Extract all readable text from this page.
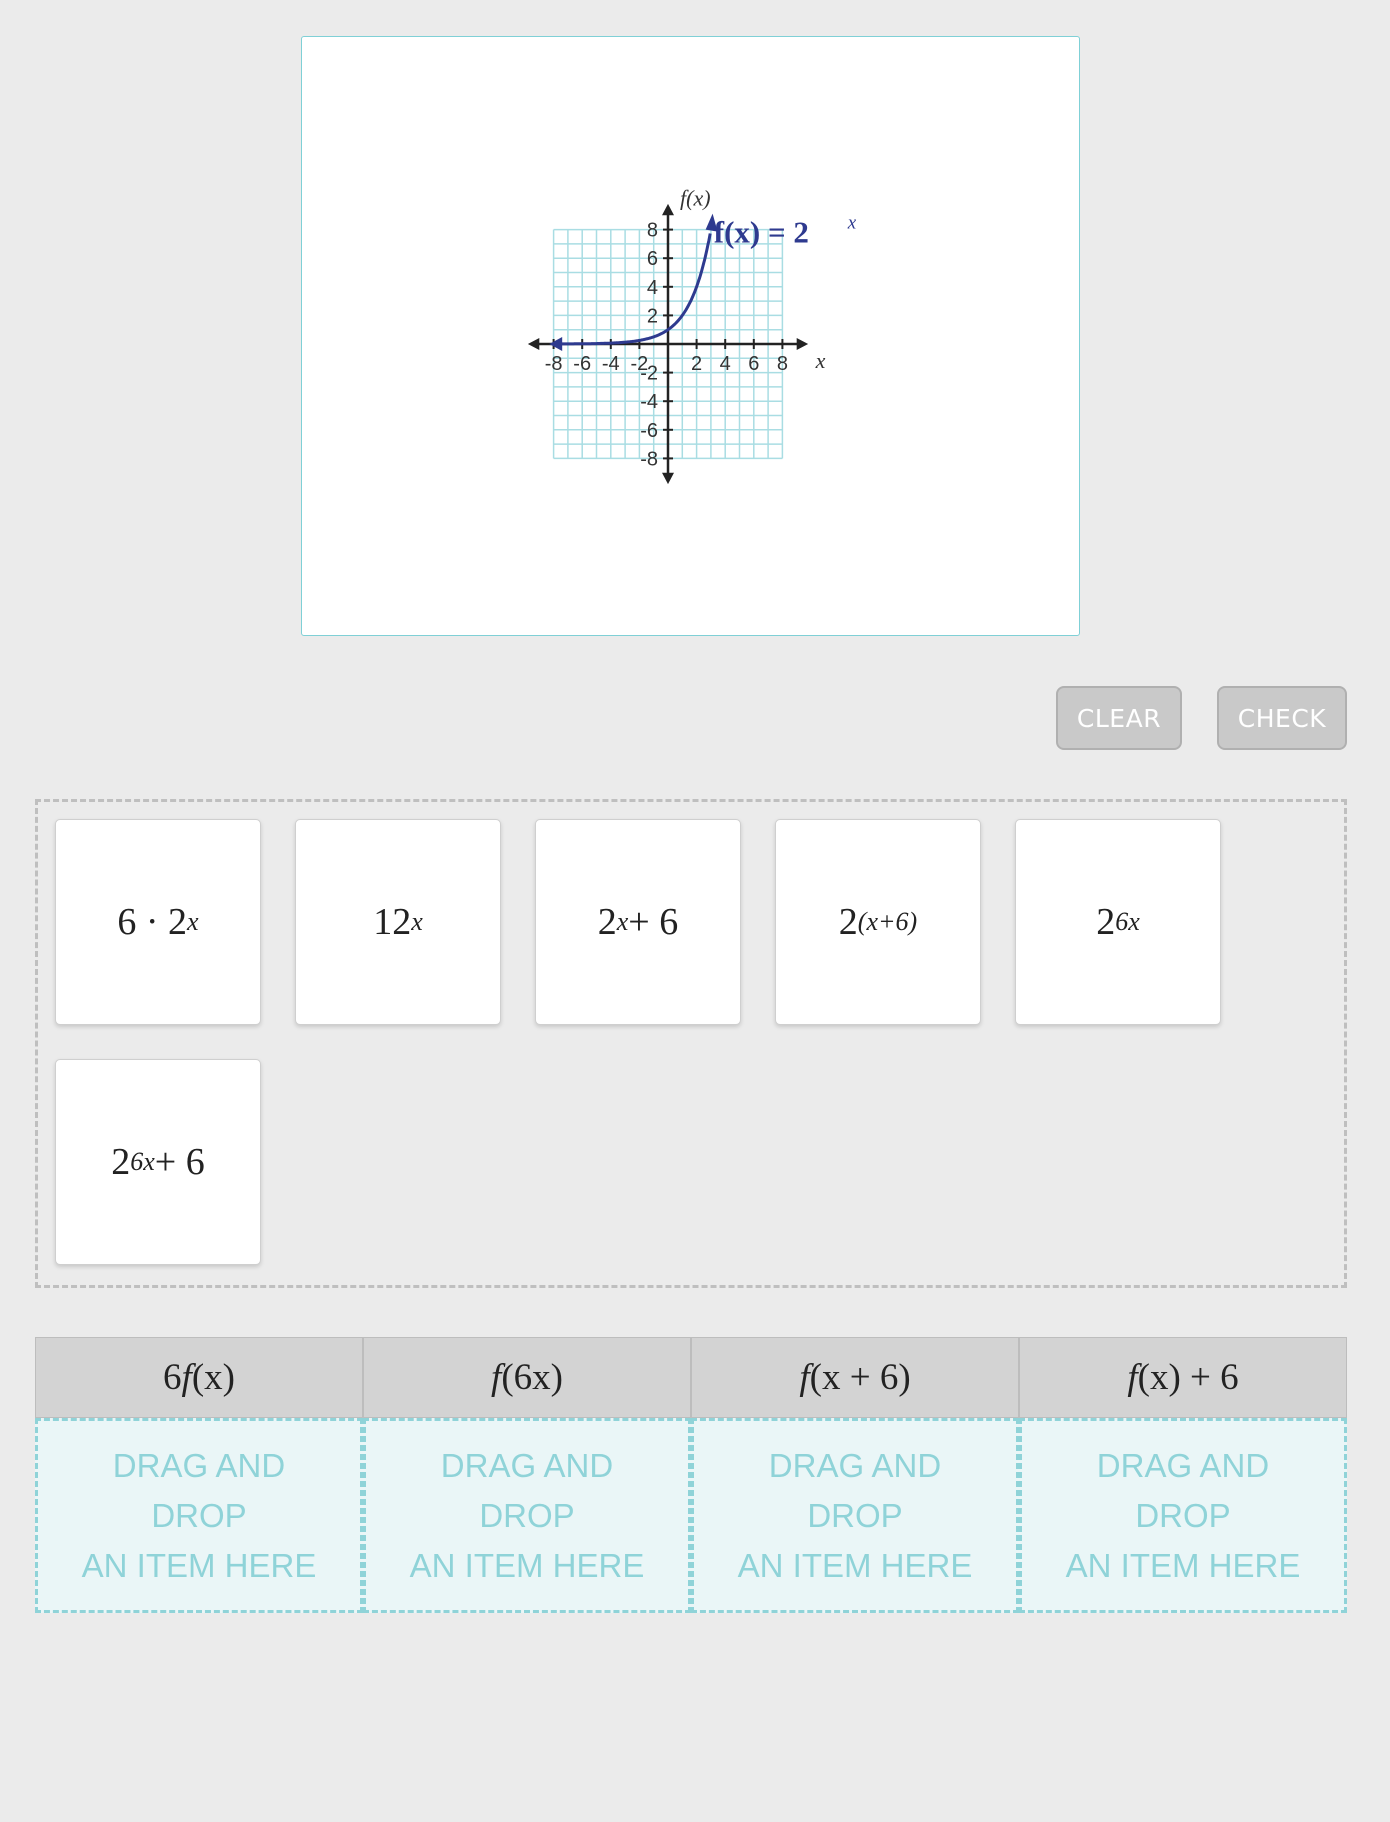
-8 -6 -4 -2 2 4 6 8
8
6
4
2
-2
-4
-6
-8
f(x)
x
f(x) = 2 x
CLEAR	CHECK
6 · 2 x	12 x	2 x + 6	2 (x+6)	2 6x
2 6x + 6
6 f (x)	f (6x)	f (x + 6)	f (x) + 6
DRAG AND
DROP
AN ITEM HERE
DRAG AND
DROP
AN ITEM HERE
DRAG AND
DROP
AN ITEM HERE
DRAG AND
DROP
AN ITEM HERE
